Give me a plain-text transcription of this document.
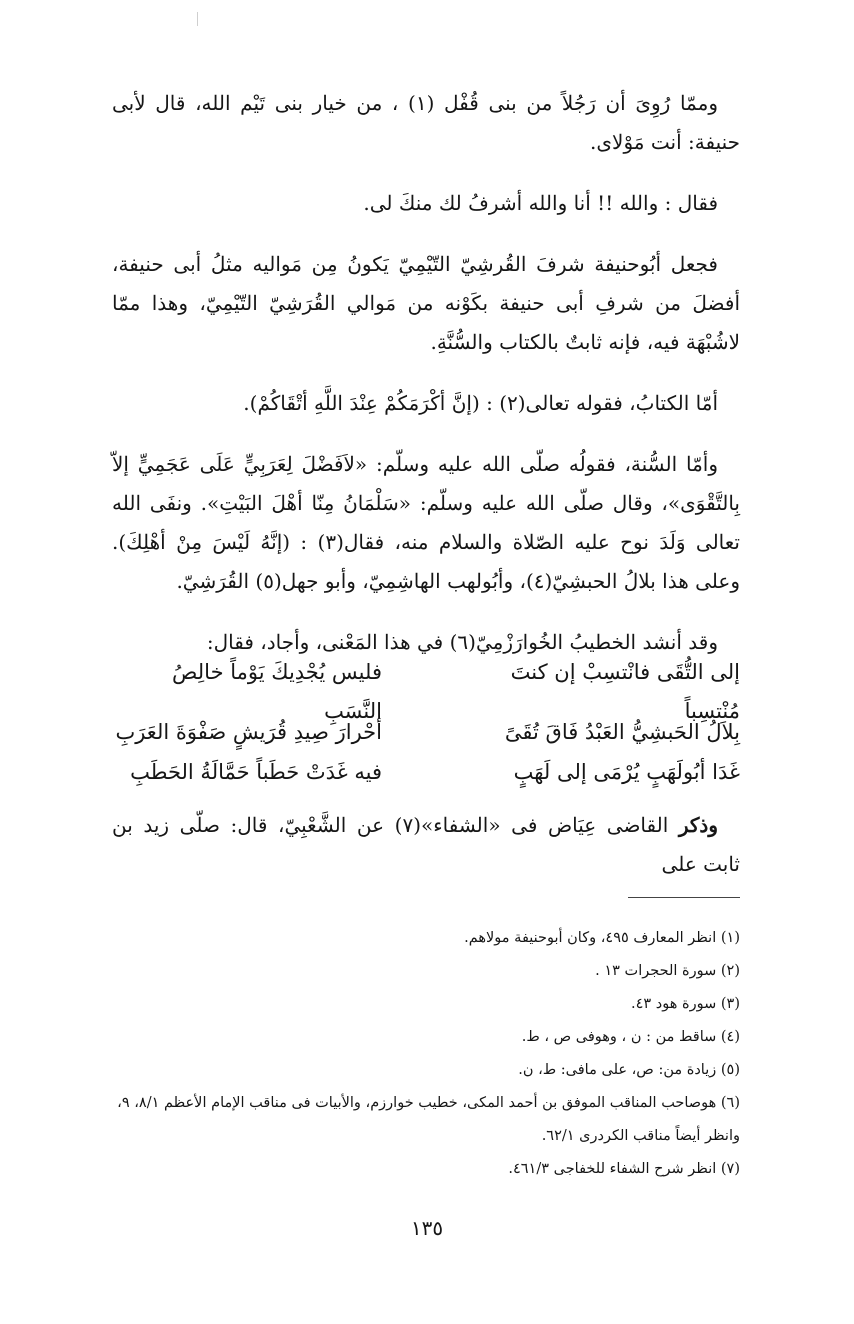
وممّا رُوِىَ أن رَجُلاً من بنى قُفْل (١) ، من خيار بنى تَيْم الله، قال لأبى حنيفة: أنت مَوْلاى.

فقال : والله !! أنا والله أشرفُ لك منكَ لى.

فجعل أبُوحنيفة شرفَ القُرشِيّ التّيْمِيّ يَكونُ مِن مَواليه مثلُ أبى حنيفة، أفضلَ من شرفِ أبى حنيفة بكَوْنه من مَوالي القُرَشِيّ التّيْمِيّ، وهذا ممّا لاشُبْهَة فيه، فإنه ثابتٌ بالكتاب والسُّنَّةِ.

أمّا الكتابُ، فقوله تعالى(٢) : (إنَّ أكْرَمَكُمْ عِنْدَ اللَّهِ أتْقَاكُمْ).

وأمّا السُّنة، فقولُه صلّى الله عليه وسلّم: «لاَفَضْلَ لِعَرَبِيٍّ عَلَى عَجَمِيٍّ إلاّ بِالتَّقْوَى»، وقال صلّى الله عليه وسلّم: «سَلْمَانُ مِنّا أهْلَ البَيْتِ». ونفَى الله تعالى وَلَدَ نوح عليه الصّلاة والسلام منه، فقال(٣) : (إنَّهُ لَيْسَ مِنْ أهْلِكَ). وعلى هذا بلالُ الحبشِيّ(٤)، وأبُولهب الهاشِمِيّ، وأبو جهل(٥) القُرَشِيّ.

وقد أنشد الخطيبُ الخُوارَزْمِيّ(٦) في هذا المَعْنى، وأجاد، فقال:

إلى التُّقَى فانْتسِبْ إن كنتَ مُنْتسِباً
فليس يُجْدِيكَ يَوْماً خالِصُ النَّسَبِ
بِلاَلُ الحَبشِيُّ العَبْدُ فَاقَ تُقَىً
أحْرارَ صِيدِ قُرَيشٍ صَفْوَةَ العَرَبِ
غَدَا أبُولَهَبٍ يُرْمَى إلى لَهَبٍ
فيه غَدَتْ حَطَباً حَمَّالَةُ الحَطَبِ

وذكر القاضى عِيَاض فى «الشفاء»(٧) عن الشَّعْبِيّ، قال: صلّى زيد بن ثابت على

(١) انظر المعارف ٤٩٥، وكان أبوحنيفة مولاهم.

(٢) سورة الحجرات ١٣ .

(٣) سورة هود ٤٣.

(٤) ساقط من : ن ، وهوفى ص ، ط.

(٥) زيادة من: ص، على مافى: ط، ن.

(٦) هوصاحب المناقب الموفق بن أحمد المكى، خطيب خوارزم، والأبيات فى مناقب الإمام الأعظم ٨/١، ٩، وانظر أيضاً مناقب الكردرى ٦٢/١.

(٧) انظر شرح الشفاء للخفاجى ٤٦١/٣.

١٣٥
